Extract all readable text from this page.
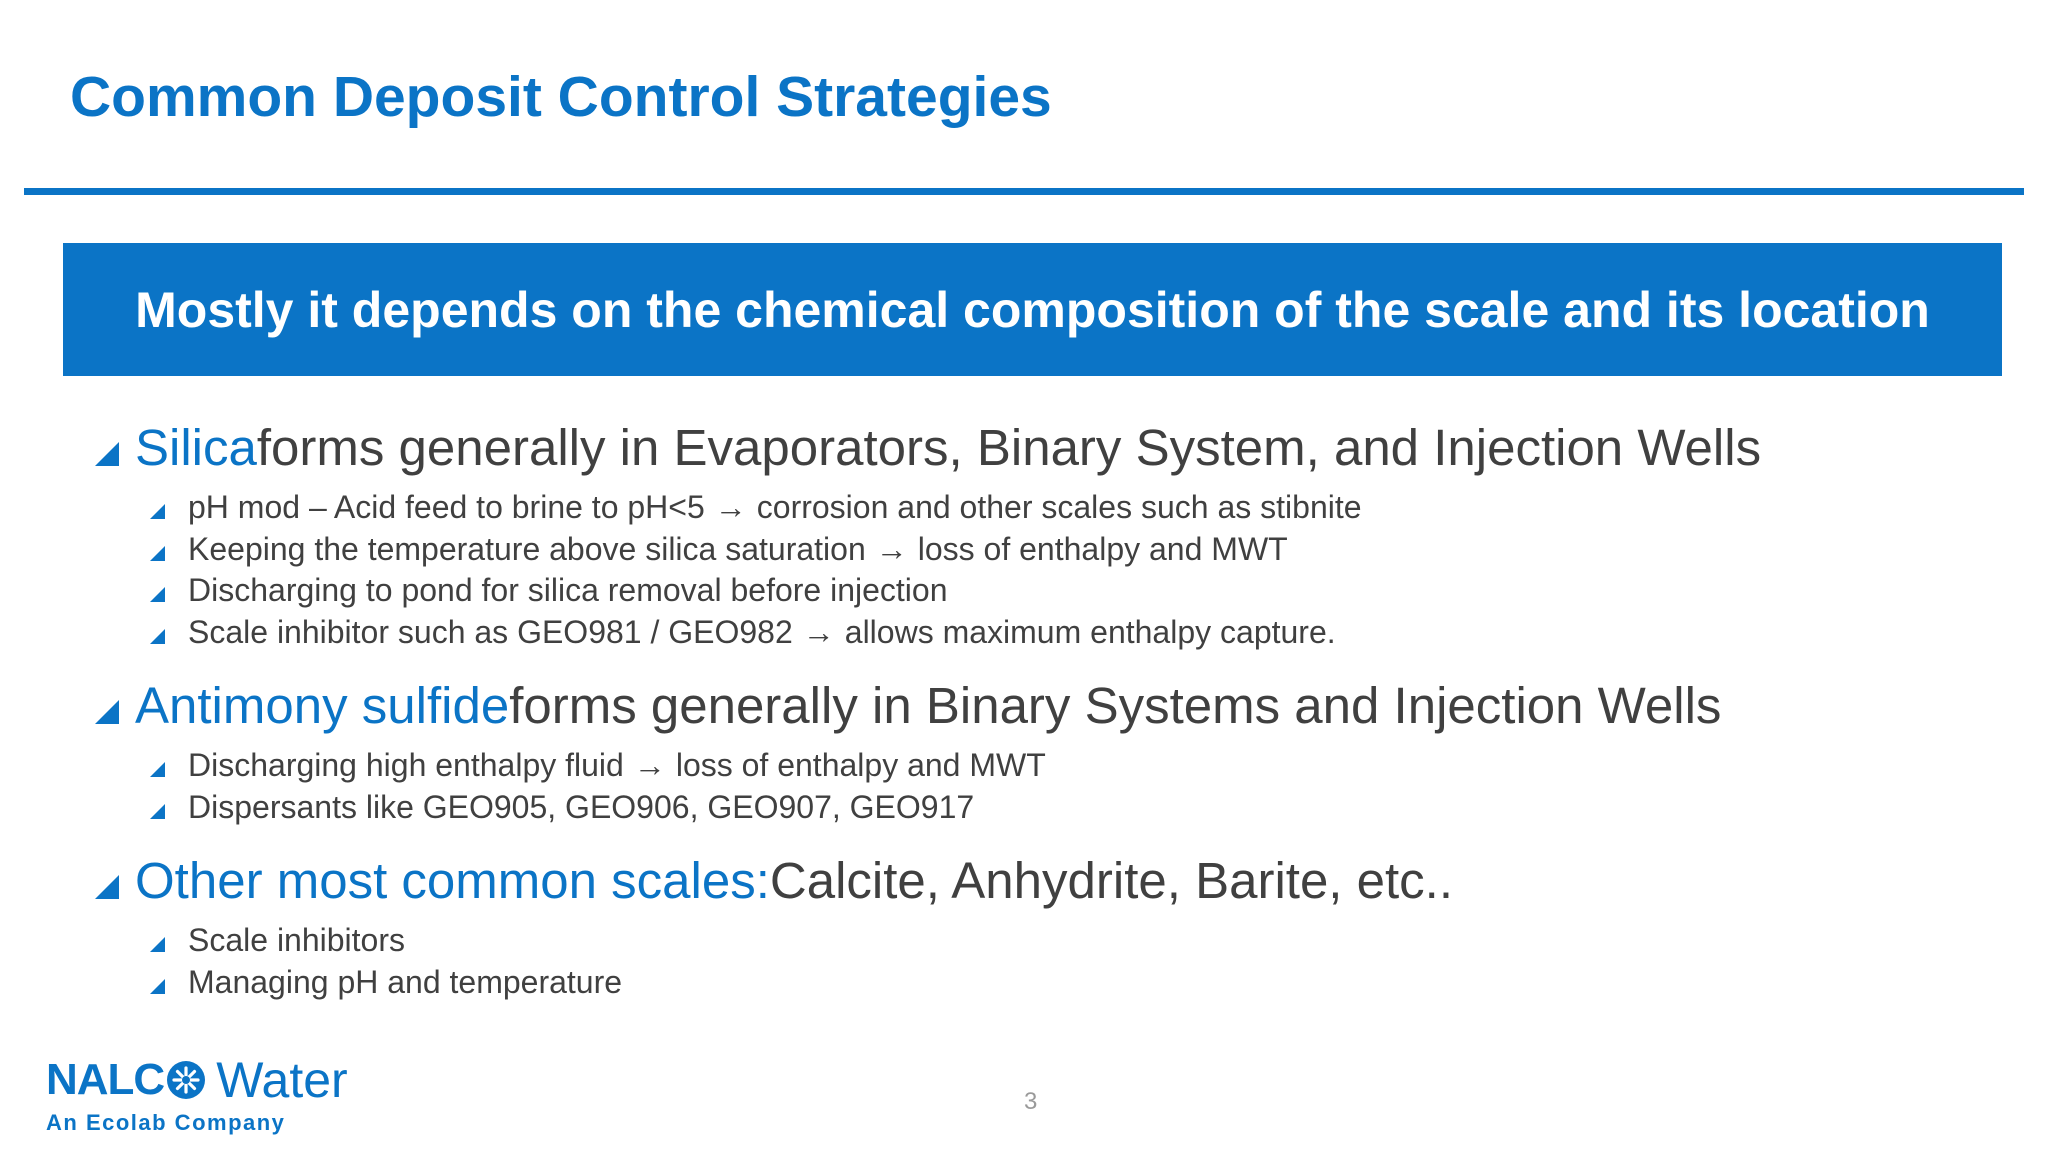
Common Deposit Control Strategies
Mostly it depends on the chemical composition of the scale and its location
Silica forms generally in Evaporators, Binary System, and Injection Wells
pH mod – Acid feed to brine to pH<5 → corrosion and other scales such as stibnite
Keeping the temperature above silica saturation → loss of enthalpy and MWT
Discharging to pond for silica removal before injection
Scale inhibitor such as GEO981 / GEO982 → allows maximum enthalpy capture.
Antimony sulfide forms generally in Binary Systems and Injection Wells
Discharging high enthalpy fluid → loss of enthalpy and MWT
Dispersants like GEO905, GEO906, GEO907, GEO917
Other most common scales: Calcite, Anhydrite, Barite, etc..
Scale inhibitors
Managing pH and temperature
NALC Water
An Ecolab Company
3
